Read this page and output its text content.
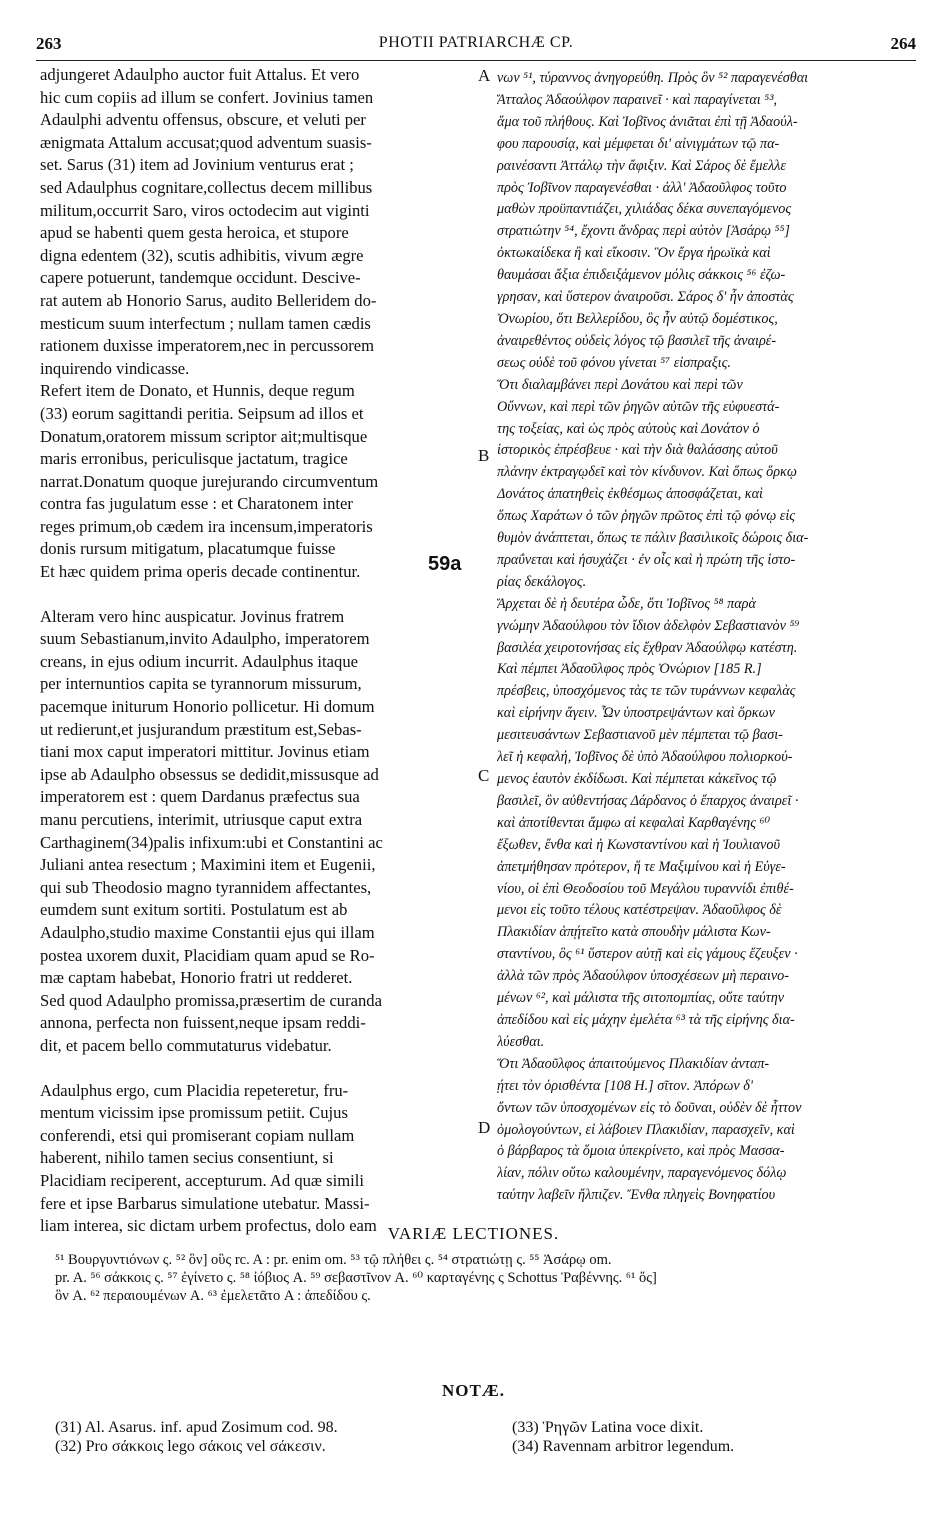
263	PHOTII PATRIARCHÆ CP.	264
adjungeret Adaulpho auctor fuit Attalus. Et vero
hic cum copiis ad illum se confert. Jovinius tamen
Adaulphi adventu offensus, obscure, et veluti per
ænigmata Attalum accusat;quod adventum suasis-
set. Sarus (31) item ad Jovinium venturus erat ;
sed Adaulphus cognitare,collectus decem millibus
militum,occurrit Saro, viros octodecim aut viginti
apud se habenti quem gesta heroica, et stupore
digna edentem (32), scutis adhibitis, vivum ægre
capere potuerunt, tandemque occidunt. Descive-
rat autem ab Honorio Sarus, audito Belleridem do-
mesticum suum interfectum ; nullam tamen cædis
rationem duxisse imperatorem,nec in percussorem
inquirendo vindicasse.
Refert item de Donato, et Hunnis, deque regum
(33) eorum sagittandi peritia. Seipsum ad illos et
Donatum,oratorem missum scriptor ait;multisque
maris erronibus, periculisque jactatum, tragice
narrat.Donatum quoque jurejurando circumventum
contra fas jugulatum esse : et Charatonem inter
reges primum,ob cædem ira incensum,imperatoris
donis rursum mitigatum, placatumque fuisse
Et hæc quidem prima operis decade continentur.
Alteram vero hinc auspicatur. Jovinus fratrem
suum Sebastianum,invito Adaulpho, imperatorem
creans, in ejus odium incurrit. Adaulphus itaque
per internuntios capita se tyrannorum missurum,
pacemque initurum Honorio pollicetur. Hi domum
ut redierunt,et jusjurandum præstitum est,Sebas-
tiani mox caput imperatori mittitur. Jovinus etiam
ipse ab Adaulpho obsessus se dedidit,missusque ad
imperatorem est : quem Dardanus præfectus sua
manu percutiens, interimit, utriusque caput extra
Carthaginem(34)palis infixum:ubi et Constantini ac
Juliani antea resectum ; Maximini item et Eugenii,
qui sub Theodosio magno tyrannidem affectantes,
eumdem sunt exitum sortiti. Postulatum est ab
Adaulpho,studio maxime Constantii ejus qui illam
postea uxorem duxit, Placidiam quam apud se Ro-
mæ captam habebat, Honorio fratri ut redderet.
Sed quod Adaulpho promissa,præsertim de curanda
annona, perfecta non fuissent,neque ipsam reddi-
dit, et pacem bello commutaturus videbatur.
Adaulphus ergo, cum Placidia repeteretur, fru-
mentum vicissim ipse promissum petiit. Cujus
conferendi, etsi qui promiserant copiam nullam
haberent, nihilo tamen secius consentiunt, si
Placidiam reciperent, accepturum. Ad quæ simili
fere et ipse Barbarus simulatione utebatur. Massi-
liam interea, sic dictam urbem profectus, dolo eam
νων ⁵¹, τύραννος ἀνηγορεύθη. Πρὸς ὃν ⁵² παραγενέσθαι
Ἄτταλος Ἀδαούλφον παραινεῖ · καὶ παραγίνεται ⁵³,
ἅμα τοῦ πλήθους. Καὶ Ἰοβῖνος ἀνιᾶται ἐπὶ τῇ Ἀδαούλ-
φου παρουσίᾳ, καὶ μέμφεται δι' αἰνιγμάτων τῷ πα-
ραινέσαντι Ἀττάλῳ τὴν ἄφιξιν. Καὶ Σάρος δὲ ἔμελλε
πρὸς Ἰοβῖνον παραγενέσθαι · ἀλλ' Ἀδαοῦλφος τοῦτο
μαθὼν προϋπαντιάζει, χιλιάδας δέκα συνεπαγόμενος
στρατιώτην ⁵⁴, ἔχοντι ἄνδρας περὶ αὐτὸν [Ἀσάρῳ ⁵⁵]
ὀκτωκαίδεκα ἢ καὶ εἴκοσιν. Ὃν ἔργα ἡρωϊκὰ καὶ
θαυμάσαι ἄξια ἐπιδειξάμενον μόλις σάκκοις ⁵⁶ ἐζω-
γρησαν, καὶ ὕστερον ἀναιροῦσι. Σάρος δ' ἦν ἀποστὰς
Ὀνωρίου, ὅτι Βελλερίδου, ὃς ἦν αὐτῷ δομέστικος,
ἀναιρεθέντος οὐδεὶς λόγος τῷ βασιλεῖ τῆς ἀναιρέ-
σεως οὐδὲ τοῦ φόνου γίνεται ⁵⁷ εἰσπραξις.
Ὅτι διαλαμβάνει περὶ Δονάτου καὶ περὶ τῶν
Οὔννων, καὶ περὶ τῶν ῥηγῶν αὐτῶν τῆς εὐφυεστά-
της τοξείας, καὶ ὡς πρὸς αὐτοὺς καὶ Δονάτον ὁ
ἱστορικὸς ἐπρέσβευε · καὶ τὴν διὰ θαλάσσης αὐτοῦ
πλάνην ἐκτραγῳδεῖ καὶ τὸν κίνδυνον. Καὶ ὅπως ὅρκῳ
Δονάτος ἀπατηθεὶς ἐκθέσμως ἀποσφάζεται, καὶ
ὅπως Χαράτων ὁ τῶν ῥηγῶν πρῶτος ἐπὶ τῷ φόνῳ εἰς
θυμὸν ἀνάπτεται, ὅπως τε πάλιν βασιλικοῖς δώροις δια-
πραΰνεται καὶ ἡσυχάζει · ἐν οἷς καὶ ἡ πρώτη τῆς ἱστο-
ρίας δεκάλογος.
Ἄρχεται δὲ ἡ δευτέρα ὧδε, ὅτι Ἰοβῖνος ⁵⁸ παρὰ
γνώμην Ἀδαούλφου τὸν ἴδιον ἀδελφὸν Σεβαστιανὸν ⁵⁹
βασιλέα χειροτονήσας εἰς ἔχθραν Ἀδαούλφῳ κατέστη.
Καὶ πέμπει Ἀδαοῦλφος πρὸς Ὀνώριον [185 R.]
πρέσβεις, ὑποσχόμενος τὰς τε τῶν τυράννων κεφαλὰς
καὶ εἰρήνην ἄγειν. Ὧν ὑποστρεψάντων καὶ ὅρκων
μεσιτευσάντων Σεβαστιανοῦ μὲν πέμπεται τῷ βασι-
λεῖ ἡ κεφαλή, Ἰοβῖνος δὲ ὑπὸ Ἀδαούλφου πολιορκού-
μενος ἑαυτὸν ἐκδίδωσι. Καὶ πέμπεται κἀκεῖνος τῷ
βασιλεῖ, ὃν αὐθεντήσας Δάρδανος ὁ ἔπαρχος ἀναιρεῖ ·
καὶ ἀποτίθενται ἄμφω αἱ κεφαλαὶ Καρθαγένης ⁶⁰
ἔξωθεν, ἔνθα καὶ ἡ Κωνσταντίνου καὶ ἡ Ἰουλιανοῦ
ἀπετμήθησαν πρότερον, ἥ τε Μαξιμίνου καὶ ἡ Εὐγε-
νίου, οἱ ἐπὶ Θεοδοσίου τοῦ Μεγάλου τυραννίδι ἐπιθέ-
μενοι εἰς τοῦτο τέλους κατέστρεψαν. Ἀδαοῦλφος δὲ
Πλακιδίαν ἀπῄτεῖτο κατὰ σπουδὴν μάλιστα Κων-
σταντίνου, ὃς ⁶¹ ὕστερον αὐτῇ καὶ εἰς γάμους ἔζευξεν ·
ἀλλὰ τῶν πρὸς Ἀδαούλφον ὑποσχέσεων μὴ περαινο-
μένων ⁶², καὶ μάλιστα τῆς σιτοπομπίας, οὔτε ταύτην
ἀπεδίδου καὶ εἰς μάχην ἐμελέτα ⁶³ τὰ τῆς εἰρήνης δια-
λύεσθαι.
Ὅτι Ἀδαοῦλφος ἀπαιτούμενος Πλακιδίαν ἀνταπ-
ῄτει τὸν ὁρισθέντα [108 H.] σῖτον. Ἀπόρων δ'
ὄντων τῶν ὑποσχομένων εἰς τὸ δοῦναι, οὐδὲν δὲ ἧττον
ὁμολογούντων, εἰ λάβοιεν Πλακιδίαν, παρασχεῖν, καὶ
ὁ βάρβαρος τὰ ὅμοια ὑπεκρίνετο, καὶ πρὸς Μασσα-
λίαν, πόλιν οὕτω καλουμένην, παραγενόμενος δόλῳ
ταύτην λαβεῖν ἤλπιζεν. Ἔνθα πληγεὶς Βονηφατίου
A
B
C
D
59a
VARIÆ LECTIONES.
⁵¹ Βουργυντιόνων ς. ⁵² ὃν] οὓς rc. A : pr. enim om. ⁵³ τῷ πλήθει ς. ⁵⁴ στρατιώτῃ ς. ⁵⁵ Ἀσάρῳ om.
pr. A. ⁵⁶ σάκκοις ς. ⁵⁷ ἐγίνετο ς. ⁵⁸ ἰόβιος A. ⁵⁹ σεβαστῖνον A. ⁶⁰ καρταγένης ς Schottus Ῥαβέννης. ⁶¹ ὅς]
ὃν A. ⁶² περαιουμένων A. ⁶³ ἐμελετᾶτο A : ἀπεδίδου ς.
NOTÆ.
(31) Al. Asarus. inf. apud Zosimum cod. 98.
(32) Pro σάκκοις lego σάκοις vel σάκεσιν.
(33) Ῥηγῶν Latina voce dixit.
(34) Ravennam arbitror legendum.
